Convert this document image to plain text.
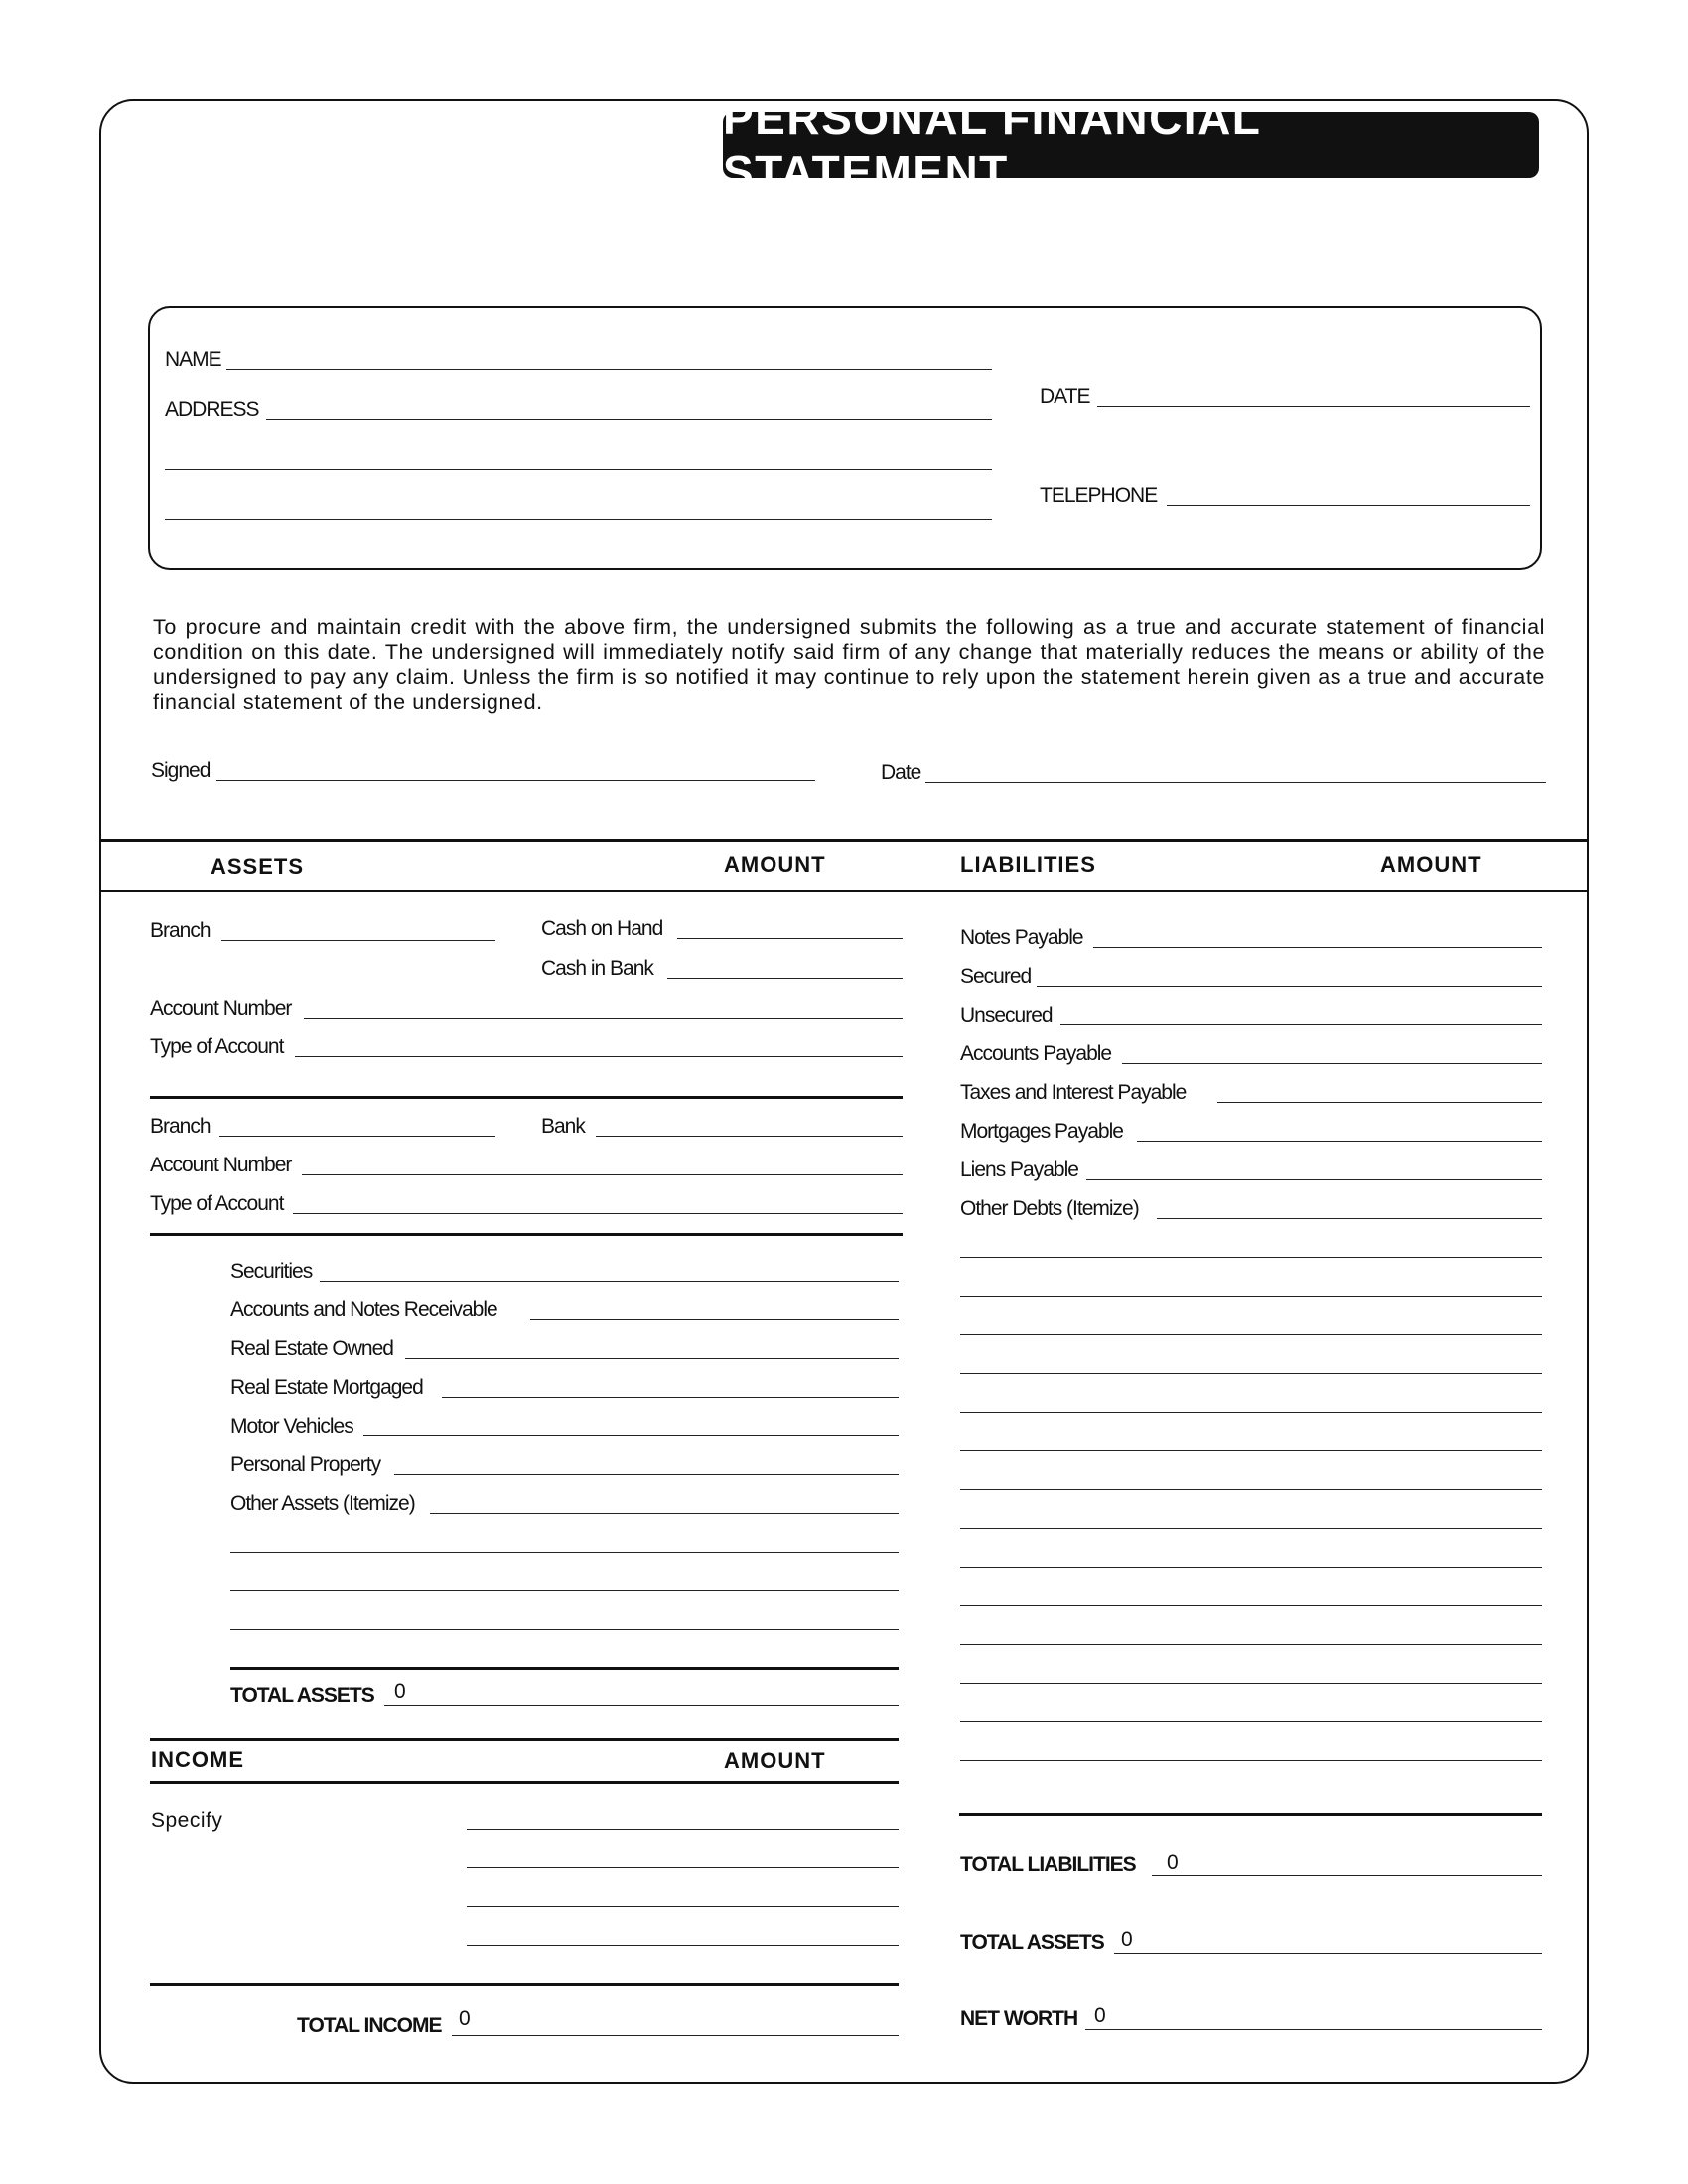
PERSONAL FINANCIAL STATEMENT
NAME
ADDRESS
DATE
TELEPHONE

To procure and maintain credit with the above firm, the undersigned submits the following as a true and accurate statement of financial condition on this date. The undersigned will immediately notify said firm of any change that materially reduces the means or ability of the undersigned to pay any claim. Unless the firm is so notified it may continue to rely upon the statement herein given as a true and accurate financial statement of the undersigned.

Signed	Date
ASSETS	AMOUNT	LIABILITIES	AMOUNT
Branch	Cash on Hand
Cash in Bank
Account Number
Type of Account
Branch	Bank
Account Number
Type of Account
Securities
Accounts and Notes Receivable
Real Estate Owned
Real Estate Mortgaged
Motor Vehicles
Personal Property
Other Assets (Itemize)
TOTAL ASSETS 0
INCOME	AMOUNT
Specify
TOTAL INCOME 0
Notes Payable
Secured
Unsecured
Accounts Payable
Taxes and Interest Payable
Mortgages Payable
Liens Payable
Other Debts (Itemize)
TOTAL LIABILITIES 0
TOTAL ASSETS 0
NET WORTH 0
